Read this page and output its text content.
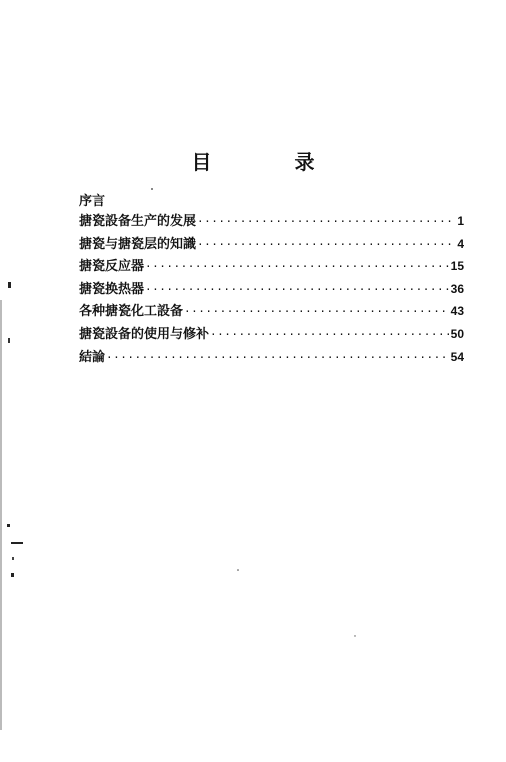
目 录
序言
搪瓷設备生产的发展 ·····	1
搪瓷与搪瓷层的知識 ·····	4
搪瓷反应器 ·····	15
搪瓷换热器 ·····	36
各种搪瓷化工設备 ·····	43
搪瓷設备的使用与修补 ·····	50
結論 ·····	54
